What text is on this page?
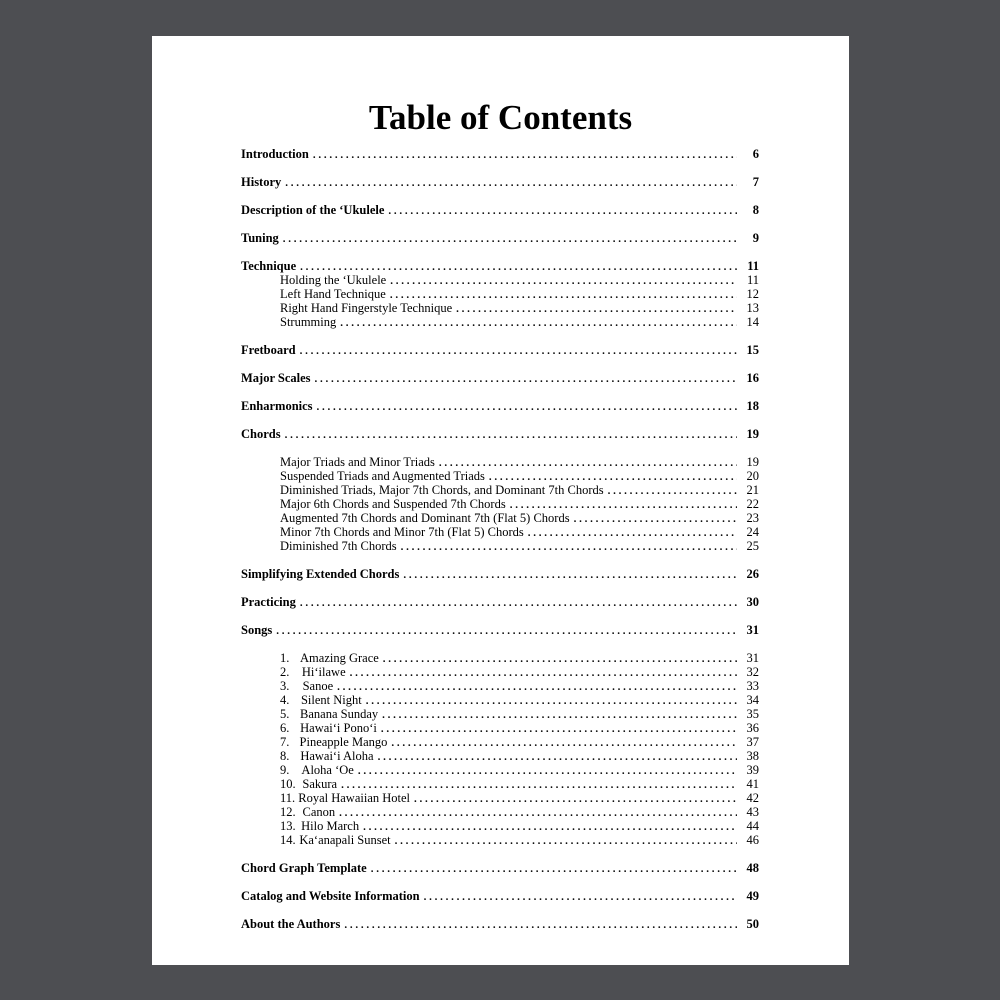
Table of Contents
Introduction . . .	6
History . . .	7
Description of the ‘Ukulele . . .	8
Tuning . . .	9
Technique . . .	11
Holding the ‘Ukulele . . .	11
Left Hand Technique . . .	12
Right Hand Fingerstyle Technique . . .	13
Strumming . . .	14
Fretboard . . .	15
Major Scales . . .	16
Enharmonics . . .	18
Chords . . .	19
Major Triads and Minor Triads . . .	19
Suspended Triads and Augmented Triads . . .	20
Diminished Triads, Major 7th Chords, and Dominant 7th Chords . . .	21
Major 6th Chords and Suspended 7th Chords . . .	22
Augmented 7th Chords and Dominant 7th (Flat 5) Chords . . .	23
Minor 7th Chords and Minor 7th (Flat 5) Chords . . .	24
Diminished 7th Chords . . .	25
Simplifying Extended Chords . . .	26
Practicing . . .	30
Songs . . .	31
1. Amazing Grace . . .	31
2.	Hi‘ilawe . . .	32
3.	Sanoe . . .	33
4. Silent Night . . .	34
5. Banana Sunday . . .	35
6. Hawai‘i Pono‘i . . .	36
7. Pineapple Mango . . .	37
8. Hawai‘i Aloha . . .	38
9. Aloha ‘Oe . . .	39
10. Sakura . . .	41
11. Royal Hawaiian Hotel . . .	42
12. Canon . . .	43
13. Hilo March . . .	44
14. Ka‘anapali Sunset . . .	46
Chord Graph Template . . .	48
Catalog and Website Information . . .	49
About the Authors . . .	50
